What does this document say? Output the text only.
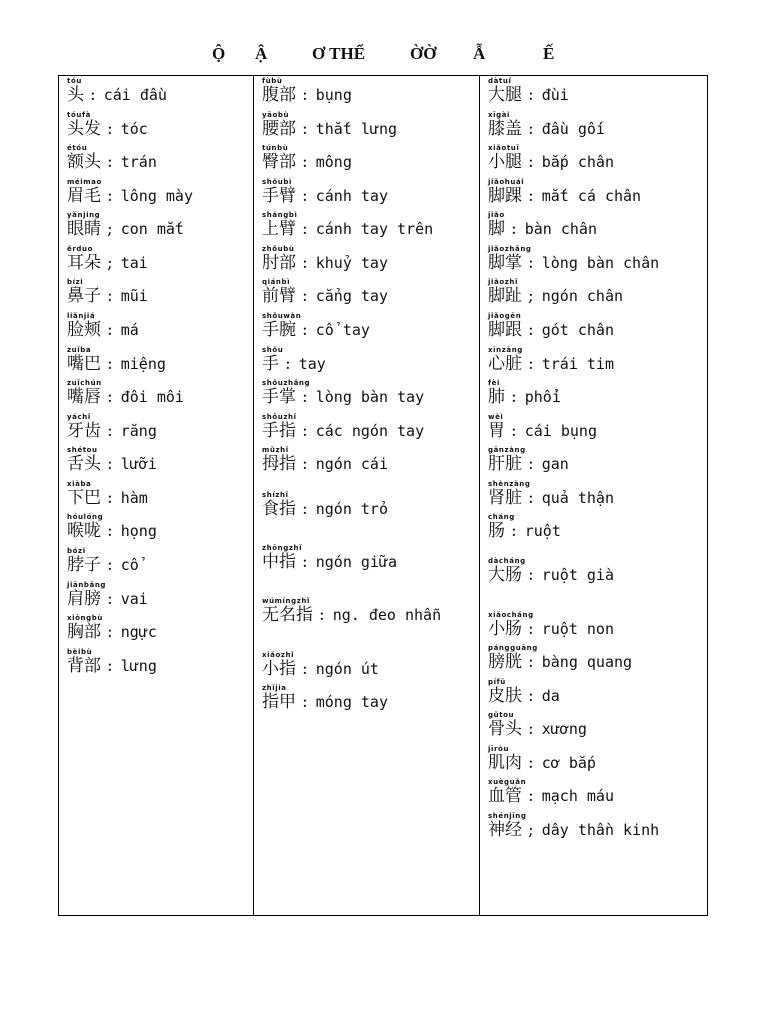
Ộ Ậ	Ơ THỂ	ỜỜ Ẫ	Ế
tóu
头 : cái đầu
tóufà
头发 : tóc
étóu
额头 : trán
méimao
眉毛 : lông mày
yǎnjing
眼睛 ; con mắt
ěrduo
耳朵 ; tai
bízi
鼻子 : mũi
liǎnjiá
脸颊 : má
zuǐba
嘴巴 : miệng
zuǐchún
嘴唇 : đôi môi
yáchǐ
牙齿 : răng
shétou
舌头 : lưỡi
xiàba
下巴 : hàm
hóulóng
喉咙 : họng
bózi
脖子 : cổ
jiānbǎng
肩膀 : vai
xiōngbù
胸部 : ngực
bèibù
背部 : lưng
fùbù
腹部 : bụng
yāobù
腰部 : thắt lưng
túnbù
臀部 : mông
shǒubì
手臂 : cánh tay
shàngbì
上臂 : cánh tay trên
zhǒubù
肘部 : khuỷ tay
qiánbì
前臂 : cẳng tay
shǒuwàn
手腕 : cổ tay
shǒu
手 : tay
shǒuzhǎng
手掌 : lòng bàn tay
shǒuzhǐ
手指 : các ngón tay
mǔzhǐ
拇指 : ngón cái
shízhǐ
食指 : ngón trỏ
zhōngzhǐ
中指 : ngón giữa
wúmíngzhǐ
无名指 : ng. đeo nhẫn
xiǎozhǐ
小指 : ngón út
zhǐjia
指甲 : móng tay
dàtuǐ
大腿 : đùi
xīgài
膝盖 : đầu gối
xiǎotuǐ
小腿 : bắp chân
jiǎohuái
脚踝 : mắt cá chân
jiǎo
脚 : bàn chân
jiǎozhǎng
脚掌 : lòng bàn chân
jiǎozhǐ
脚趾 ; ngón chân
jiǎogēn
脚跟 : gót chân
xīnzàng
心脏 : trái tim
fèi
肺 : phổi
wèi
胃 : cái bụng
gānzàng
肝脏 : gan
shènzàng
肾脏 : quả thận
cháng
肠 : ruột
dàcháng
大肠 : ruột già
xiǎocháng
小肠 : ruột non
pángguāng
膀胱 : bàng quang
pífū
皮肤 : da
gǔtou
骨头 : xương
jīròu
肌肉 : cơ bắp
xuèguǎn
血管 : mạch máu
shénjīng
神经 ; dây thần kinh
